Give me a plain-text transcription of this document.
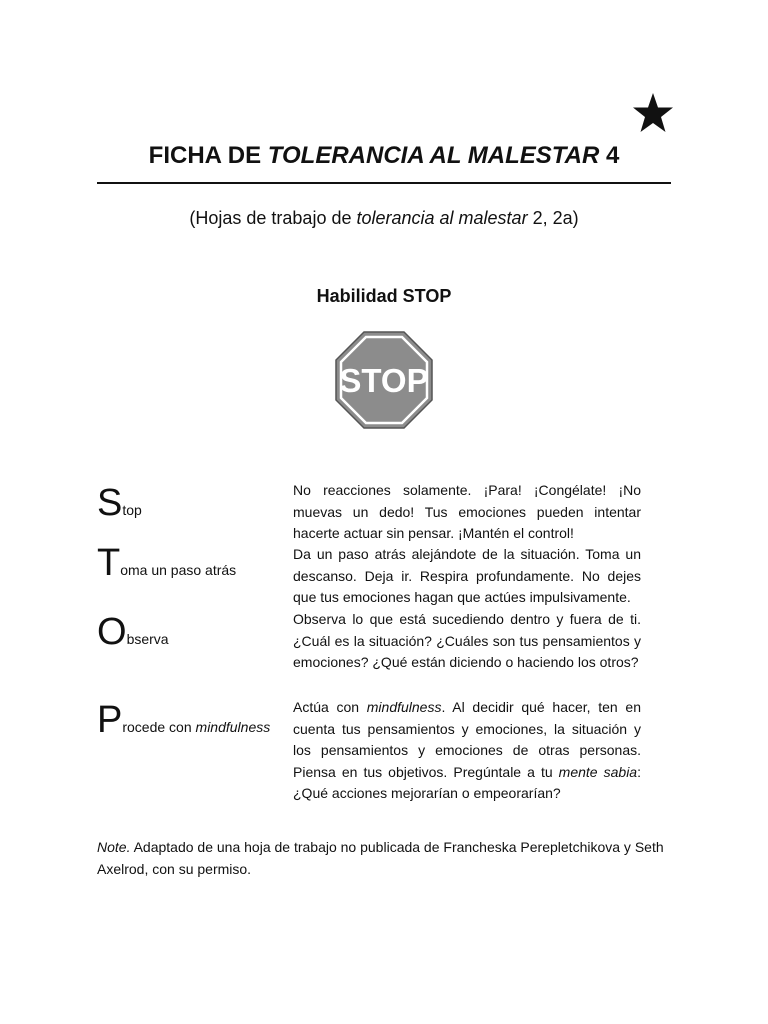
FICHA DE TOLERANCIA AL MALESTAR 4
(Hojas de trabajo de tolerancia al malestar 2, 2a)
Habilidad STOP
STOP
Stop
No reacciones solamente. ¡Para! ¡Congélate! ¡No muevas un dedo! Tus emociones pueden intentar hacerte actuar sin pensar. ¡Mantén el control!
Toma un paso atrás
Da un paso atrás alejándote de la situación. Toma un descanso. Deja ir. Respira profundamente. No dejes que tus emociones hagan que actúes impulsivamente.
Observa
Observa lo que está sucediendo dentro y fuera de ti. ¿Cuál es la situación? ¿Cuáles son tus pensamientos y emociones? ¿Qué están diciendo o haciendo los otros?
Procede con mindfulness
Actúa con mindfulness. Al decidir qué hacer, ten en cuenta tus pensamientos y emociones, la situación y los pensamientos y emociones de otras personas. Piensa en tus objetivos. Pregúntale a tu mente sabia: ¿Qué acciones mejorarían o empeorarían?
Note. Adaptado de una hoja de trabajo no publicada de Francheska Perepletchikova y Seth Axelrod, con su permiso.
